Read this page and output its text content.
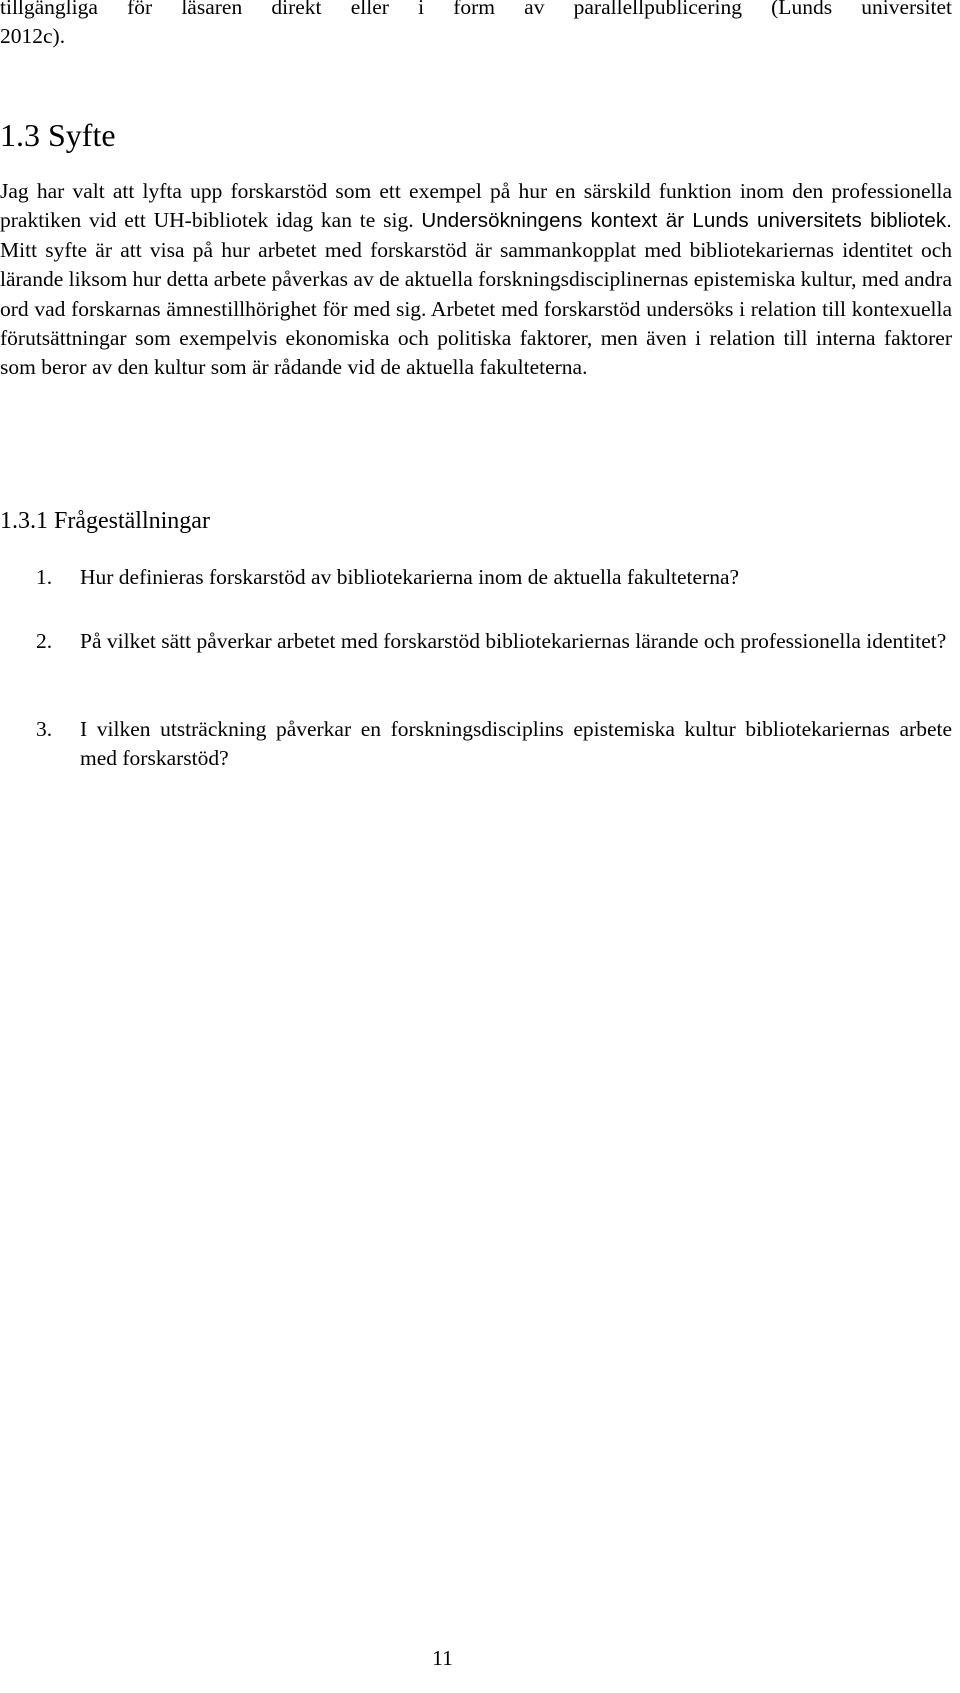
tillgängliga för läsaren direkt eller i form av parallellpublicering (Lunds universitet
2012c).
1.3 Syfte

Jag har valt att lyfta upp forskarstöd som ett exempel på hur en särskild funktion inom den professionella praktiken vid ett UH-bibliotek idag kan te sig. Undersökningens kontext är Lunds universitets bibliotek. Mitt syfte är att visa på hur arbetet med forskarstöd är sammankopplat med bibliotekariernas identitet och lärande liksom hur detta arbete påverkas av de aktuella forskningsdisciplinernas epistemiska kultur, med andra ord vad forskarnas ämnestillhörighet för med sig. Arbetet med forskarstöd undersöks i relation till kontexuella förutsättningar som exempelvis ekonomiska och politiska faktorer, men även i relation till interna faktorer som beror av den kultur som är rådande vid de aktuella fakulteterna.

1.3.1 Frågeställningar
1. Hur definieras forskarstöd av bibliotekarierna inom de aktuella fakulteterna?
2. På vilket sätt påverkar arbetet med forskarstöd bibliotekariernas lärande och professionella identitet?
3. I vilken utsträckning påverkar en forskningsdisciplins epistemiska kultur bibliotekariernas arbete med forskarstöd?
11
